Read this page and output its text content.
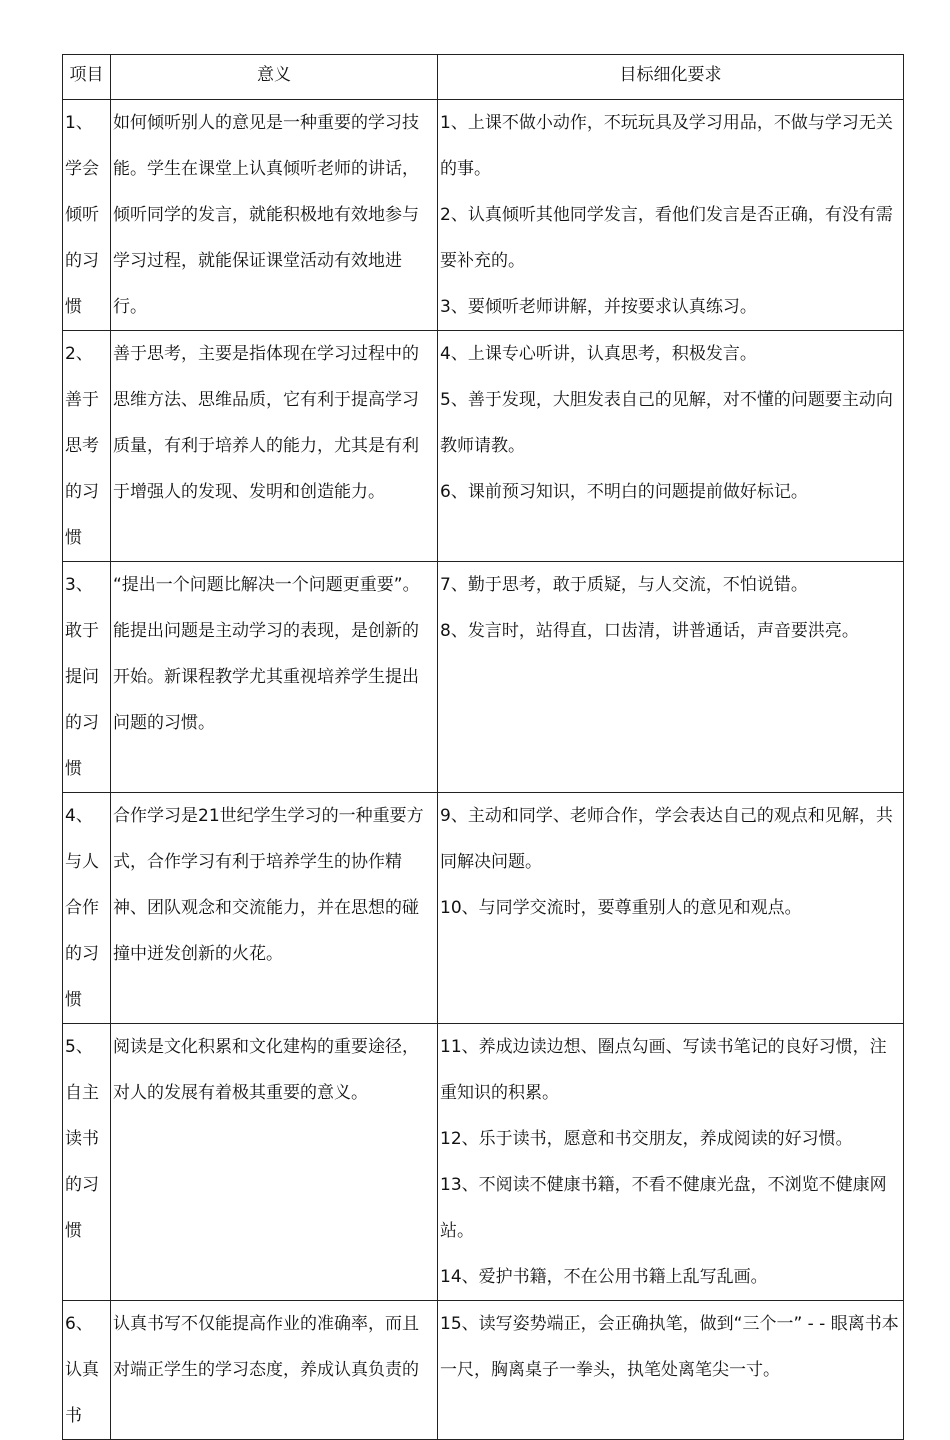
项目	意义	目标细化要求
1、学会倾听的习惯	如何倾听别人的意见是一种重要的学习技能。学生在课堂上认真倾听老师的讲话，倾听同学的发言，就能积极地有效地参与学习过程，就能保证课堂活动有效地进行。	1、上课不做小动作，不玩玩具及学习用品，不做与学习无关的事。
2、认真倾听其他同学发言，看他们发言是否正确，有没有需要补充的。
3、要倾听老师讲解，并按要求认真练习。

2、善于思考的习惯	善于思考，主要是指体现在学习过程中的思维方法、思维品质，它有利于提高学习质量，有利于培养人的能力，尤其是有利于增强人的发现、发明和创造能力。	4、上课专心听讲，认真思考，积极发言。
5、善于发现，大胆发表自己的见解，对不懂的问题要主动向教师请教。
6、课前预习知识，不明白的问题提前做好标记。

3、敢于提问的习惯	“提出一个问题比解决一个问题更重要”。能提出问题是主动学习的表现，是创新的开始。新课程教学尤其重视培养学生提出问题的习惯。	7、勤于思考，敢于质疑，与人交流，不怕说错。
8、发言时，站得直，口齿清，讲普通话，声音要洪亮。

4、与人合作的习惯	合作学习是21世纪学生学习的一种重要方式，合作学习有利于培养学生的协作精神、团队观念和交流能力，并在思想的碰撞中迸发创新的火花。	9、主动和同学、老师合作，学会表达自己的观点和见解，共同解决问题。
10、与同学交流时，要尊重别人的意见和观点。

5、自主读书的习惯	阅读是文化积累和文化建构的重要途径，对人的发展有着极其重要的意义。	11、养成边读边想、圈点勾画、写读书笔记的良好习惯，注重知识的积累。
12、乐于读书，愿意和书交朋友，养成阅读的好习惯。
13、不阅读不健康书籍，不看不健康光盘，不浏览不健康网站。
14、爱护书籍，不在公用书籍上乱写乱画。

6、认真书	认真书写不仅能提高作业的准确率，而且对端正学生的学习态度，养成认真负责的	15、读写姿势端正，会正确执笔，做到“三个一” - - 眼离书本一尺，胸离桌子一拳头，执笔处离笔尖一寸。
